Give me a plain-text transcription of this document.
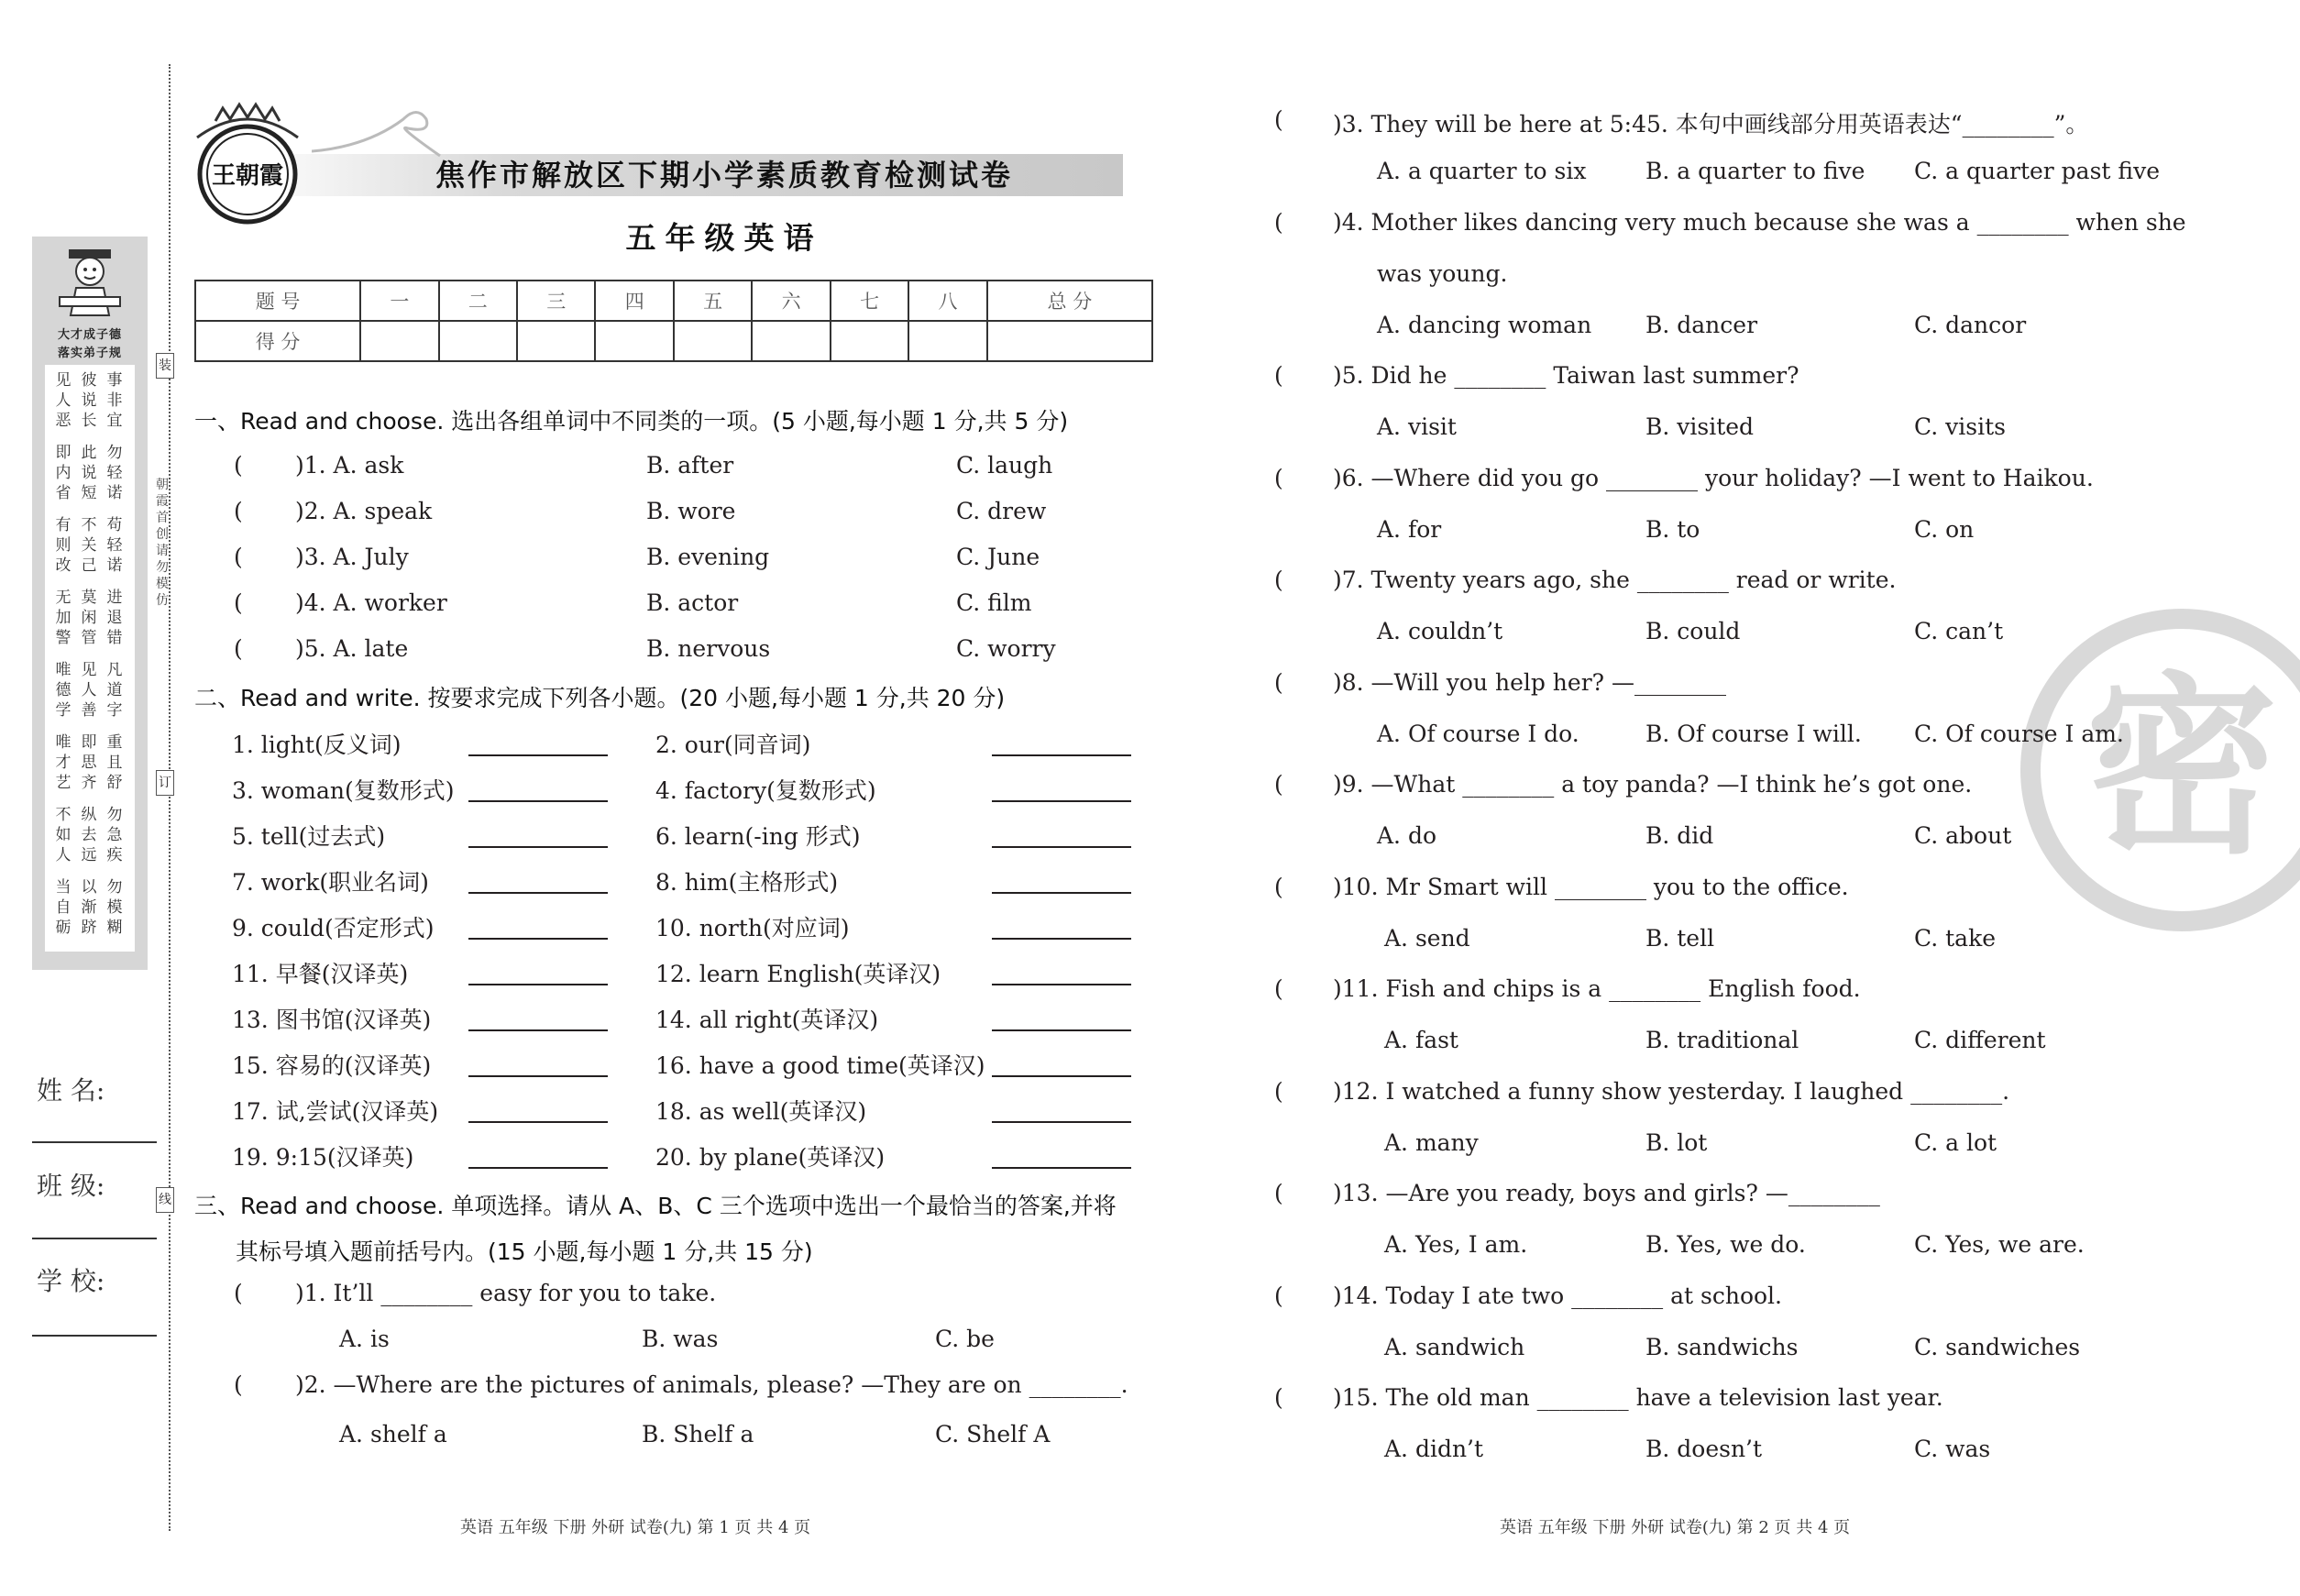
大才成子德
落实弟子规
见人恶
彼说长
事非宜
即内省
此说短
勿轻诺
有则改
不关己
苟轻诺
无加警
莫闲管
进退错
唯德学
见人善
凡道字
唯才艺
即思齐
重且舒
不如人
纵去远
勿急疾
当自砺
以渐跻
勿模糊
装
朝霞首创请勿模仿
订
线
姓 名:
班 级:
学 校:
王朝霞	焦作市解放区下期小学素质教育检测试卷
五年级英语
题 号	一	二	三	四	五	六	七	八	总 分
得 分									
一、Read and choose. 选出各组单词中不同类的一项。(5 小题,每小题 1 分,共 5 分)
( )1. A. ask	B. after	C. laugh
( )2. A. speak	B. wore	C. drew
( )3. A. July	B. evening	C. June
( )4. A. worker	B. actor	C. film
( )5. A. late	B. nervous	C. worry
二、Read and write. 按要求完成下列各小题。(20 小题,每小题 1 分,共 20 分)
1. light(反义词)	2. our(同音词)
3. woman(复数形式)	4. factory(复数形式)
5. tell(过去式)	6. learn(-ing 形式)
7. work(职业名词)	8. him(主格形式)
9. could(否定形式)	10. north(对应词)
11. 早餐(汉译英)	12. learn English(英译汉)
13. 图书馆(汉译英)	14. all right(英译汉)
15. 容易的(汉译英)	16. have a good time(英译汉)
17. 试,尝试(汉译英)	18. as well(英译汉)
19. 9:15(汉译英)	20. by plane(英译汉)
三、Read and choose. 单项选择。请从 A、B、C 三个选项中选出一个最恰当的答案,并将
其标号填入题前括号内。(15 小题,每小题 1 分,共 15 分)
( )1. It’ll ________ easy for you to take.
A. is	B. was	C. be
( )2. —Where are the pictures of animals, please? —They are on ________.
A. shelf a	B. Shelf a	C. Shelf A
英语 五年级 下册 外研 试卷(九) 第 1 页 共 4 页
密
( )3. They will be here at 5:45. 本句中画线部分用英语表达“________”。
A. a quarter to six	B. a quarter to five C. a quarter past five
( )4. Mother likes dancing very much because she was a ________ when she
was young.
A. dancing woman B. dancer	C. dancor
( )5. Did he ________ Taiwan last summer?
A. visit	B. visited	C. visits
( )6. —Where did you go ________ your holiday? —I went to Haikou.
A. for	B. to	C. on
( )7. Twenty years ago, she ________ read or write.
A. couldn’t	B. could	C. can’t
( )8. —Will you help her? —________
A. Of course I do.	B. Of course I will. C. Of course I am.
( )9. —What ________ a toy panda? —I think he’s got one.
A. do	B. did	C. about
( )10. Mr Smart will ________ you to the office.
A. send	B. tell	C. take
( )11. Fish and chips is a ________ English food.
A. fast	B. traditional	C. different
( )12. I watched a funny show yesterday. I laughed ________.
A. many	B. lot	C. a lot
( )13. —Are you ready, boys and girls? —________
A. Yes, I am.	B. Yes, we do.	C. Yes, we are.
( )14. Today I ate two ________ at school.
A. sandwich	B. sandwichs	C. sandwiches
( )15. The old man ________ have a television last year.
A. didn’t	B. doesn’t	C. was
英语 五年级 下册 外研 试卷(九) 第 2 页 共 4 页
